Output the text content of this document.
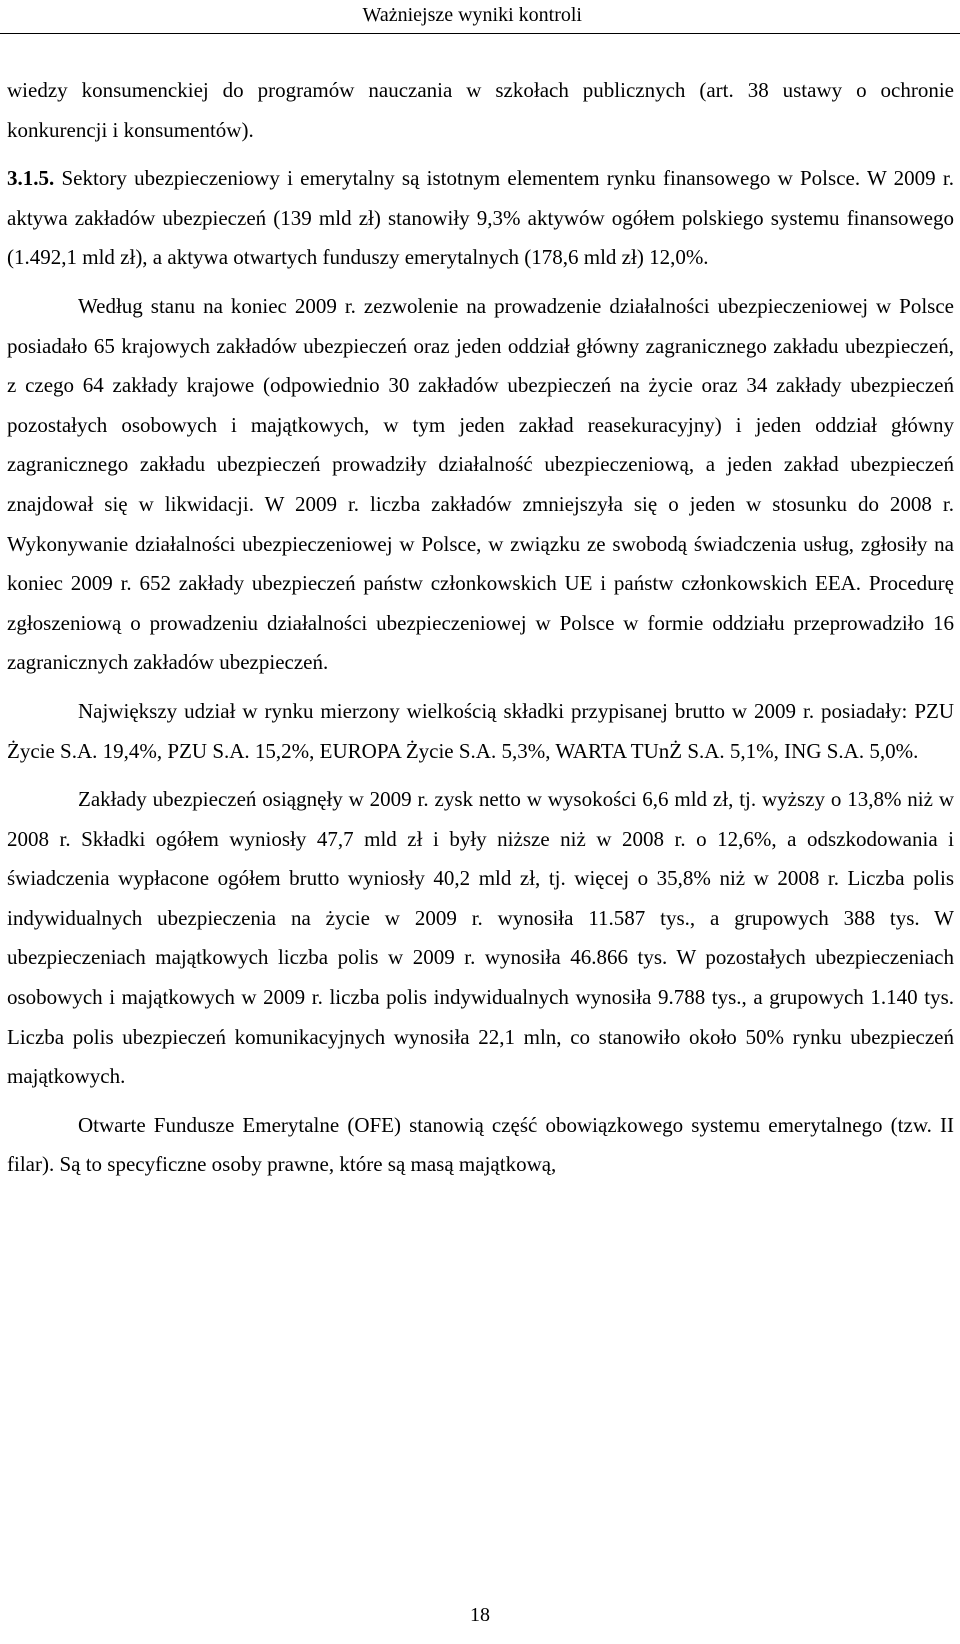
Ważniejsze wyniki kontroli

wiedzy konsumenckiej do programów nauczania w szkołach publicznych (art. 38 ustawy o ochronie konkurencji i konsumentów).

3.1.5. Sektory ubezpieczeniowy i emerytalny są istotnym elementem rynku finansowego w Polsce. W 2009 r. aktywa zakładów ubezpieczeń (139 mld zł) stanowiły 9,3% aktywów ogółem polskiego systemu finansowego (1.492,1 mld zł), a aktywa otwartych funduszy emerytalnych (178,6 mld zł) 12,0%.

Według stanu na koniec 2009 r. zezwolenie na prowadzenie działalności ubezpieczeniowej w Polsce posiadało 65 krajowych zakładów ubezpieczeń oraz jeden oddział główny zagranicznego zakładu ubezpieczeń, z czego 64 zakłady krajowe (odpowiednio 30 zakładów ubezpieczeń na życie oraz 34 zakłady ubezpieczeń pozostałych osobowych i majątkowych, w tym jeden zakład reasekuracyjny) i jeden oddział główny zagranicznego zakładu ubezpieczeń prowadziły działalność ubezpieczeniową, a jeden zakład ubezpieczeń znajdował się w likwidacji. W 2009 r. liczba zakładów zmniejszyła się o jeden w stosunku do 2008 r. Wykonywanie działalności ubezpieczeniowej w Polsce, w związku ze swobodą świadczenia usług, zgłosiły na koniec 2009 r. 652 zakłady ubezpieczeń państw członkowskich UE i państw członkowskich EEA. Procedurę zgłoszeniową o prowadzeniu działalności ubezpieczeniowej w Polsce w formie oddziału przeprowadziło 16 zagranicznych zakładów ubezpieczeń.

Największy udział w rynku mierzony wielkością składki przypisanej brutto w 2009 r. posiadały: PZU Życie S.A. 19,4%, PZU S.A. 15,2%, EUROPA Życie S.A. 5,3%, WARTA TUnŻ S.A. 5,1%, ING S.A. 5,0%.

Zakłady ubezpieczeń osiągnęły w 2009 r. zysk netto w wysokości 6,6 mld zł, tj. wyższy o 13,8% niż w 2008 r. Składki ogółem wyniosły 47,7 mld zł i były niższe niż w 2008 r. o 12,6%, a odszkodowania i świadczenia wypłacone ogółem brutto wyniosły 40,2 mld zł, tj. więcej o 35,8% niż w 2008 r. Liczba polis indywidualnych ubezpieczenia na życie w 2009 r. wynosiła 11.587 tys., a grupowych 388 tys. W ubezpieczeniach majątkowych liczba polis w 2009 r. wynosiła 46.866 tys. W pozostałych ubezpieczeniach osobowych i majątkowych w 2009 r. liczba polis indywidualnych wynosiła 9.788 tys., a grupowych 1.140 tys. Liczba polis ubezpieczeń komunikacyjnych wynosiła 22,1 mln, co stanowiło około 50% rynku ubezpieczeń majątkowych.

Otwarte Fundusze Emerytalne (OFE) stanowią część obowiązkowego systemu emerytalnego (tzw. II filar). Są to specyficzne osoby prawne, które są masą majątkową,

18
